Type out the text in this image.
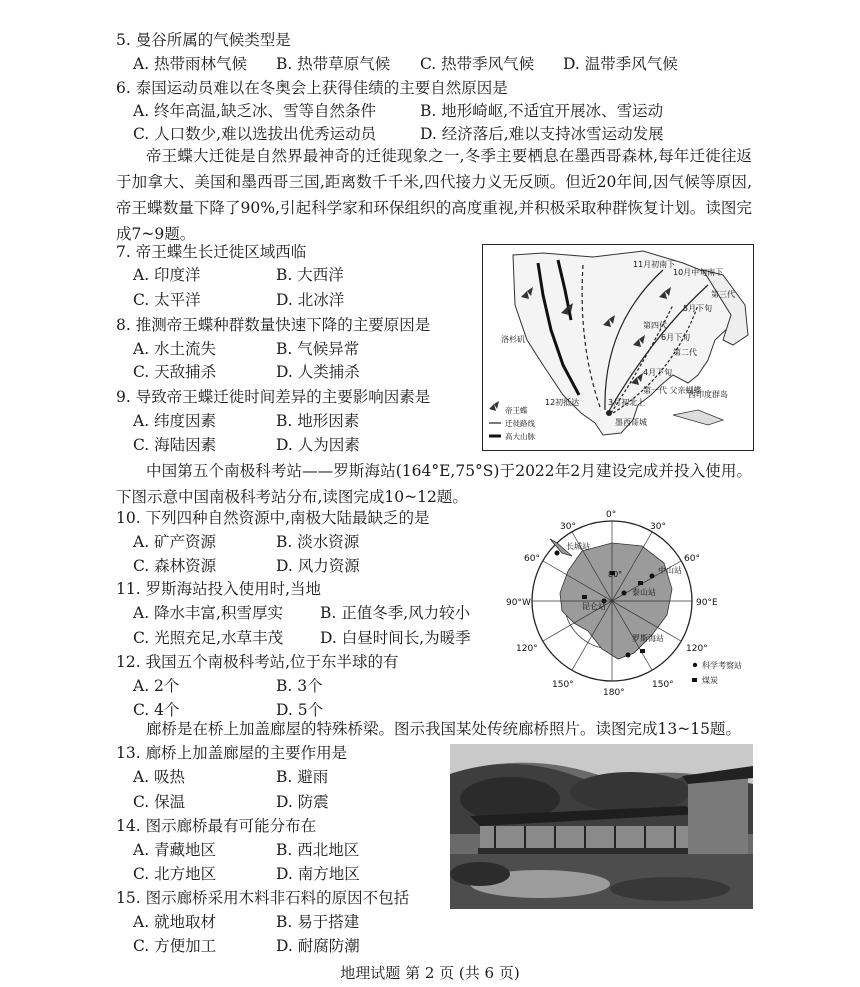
5. 曼谷所属的气候类型是
A. 热带雨林气候 B. 热带草原气候 C. 热带季风气候 D. 温带季风气候
6. 泰国运动员难以在冬奥会上获得佳绩的主要自然原因是
A. 终年高温,缺乏冰、雪等自然条件	B. 地形崎岖,不适宜开展冰、雪运动
C. 人口数少,难以选拔出优秀运动员	D. 经济落后,难以支持冰雪运动发展
帝王蝶大迁徙是自然界最神奇的迁徙现象之一,冬季主要栖息在墨西哥森林,每年迁徙往返于加拿大、美国和墨西哥三国,距离数千千米,四代接力义无反顾。但近20年间,因气候等原因,帝王蝶数量下降了90%,引起科学家和环保组织的高度重视,并积极采取种群恢复计划。读图完成7~9题。
7. 帝王蝶生长迁徙区域西临
A. 印度洋	B. 大西洋
C. 太平洋	D. 北冰洋
8. 推测帝王蝶种群数量快速下降的主要原因是
A. 水土流失	B. 气候异常
C. 天敌捕杀	D. 人类捕杀
9. 导致帝王蝶迁徙时间差异的主要影响因素是
A. 纬度因素	B. 地形因素
C. 海陆因素	D. 人为因素
11月初南下
10月中旬南下
第三代
5月下旬
第四代
6月下旬
第二代
洛杉矶
4月下旬
第一代 父亲蝴蝶
12初抵达	3月初北上
墨西哥城
西印度群岛
帝王蝶
迁徙路线
高大山脉
中国第五个南极科考站——罗斯海站(164°E,75°S)于2022年2月建设完成并投入使用。下图示意中国南极科考站分布,读图完成10~12题。
10. 下列四种自然资源中,南极大陆最缺乏的是
A. 矿产资源	B. 淡水资源
C. 森林资源	D. 风力资源
11. 罗斯海站投入使用时,当地
A. 降水丰富,积雪厚实 B. 正值冬季,风力较小
C. 光照充足,水草丰茂 D. 白昼时间长,为暖季
12. 我国五个南极科考站,位于东半球的有
A. 2个	B. 3个
C. 4个	D. 5个
长城站
中山站
泰山站
昆仑站
罗斯海站
80°
0°
30°	30°
60°	60°
90°W	90°E
120°	120°
150°	150°
180°
科学考察站
煤炭
廊桥是在桥上加盖廊屋的特殊桥梁。图示我国某处传统廊桥照片。读图完成13~15题。
13. 廊桥上加盖廊屋的主要作用是
A. 吸热	B. 避雨
C. 保温	D. 防震
14. 图示廊桥最有可能分布在
A. 青藏地区	B. 西北地区
C. 北方地区	D. 南方地区
15. 图示廊桥采用木料非石料的原因不包括
A. 就地取材	B. 易于搭建
C. 方便加工	D. 耐腐防潮
地理试题 第 2 页 (共 6 页)
